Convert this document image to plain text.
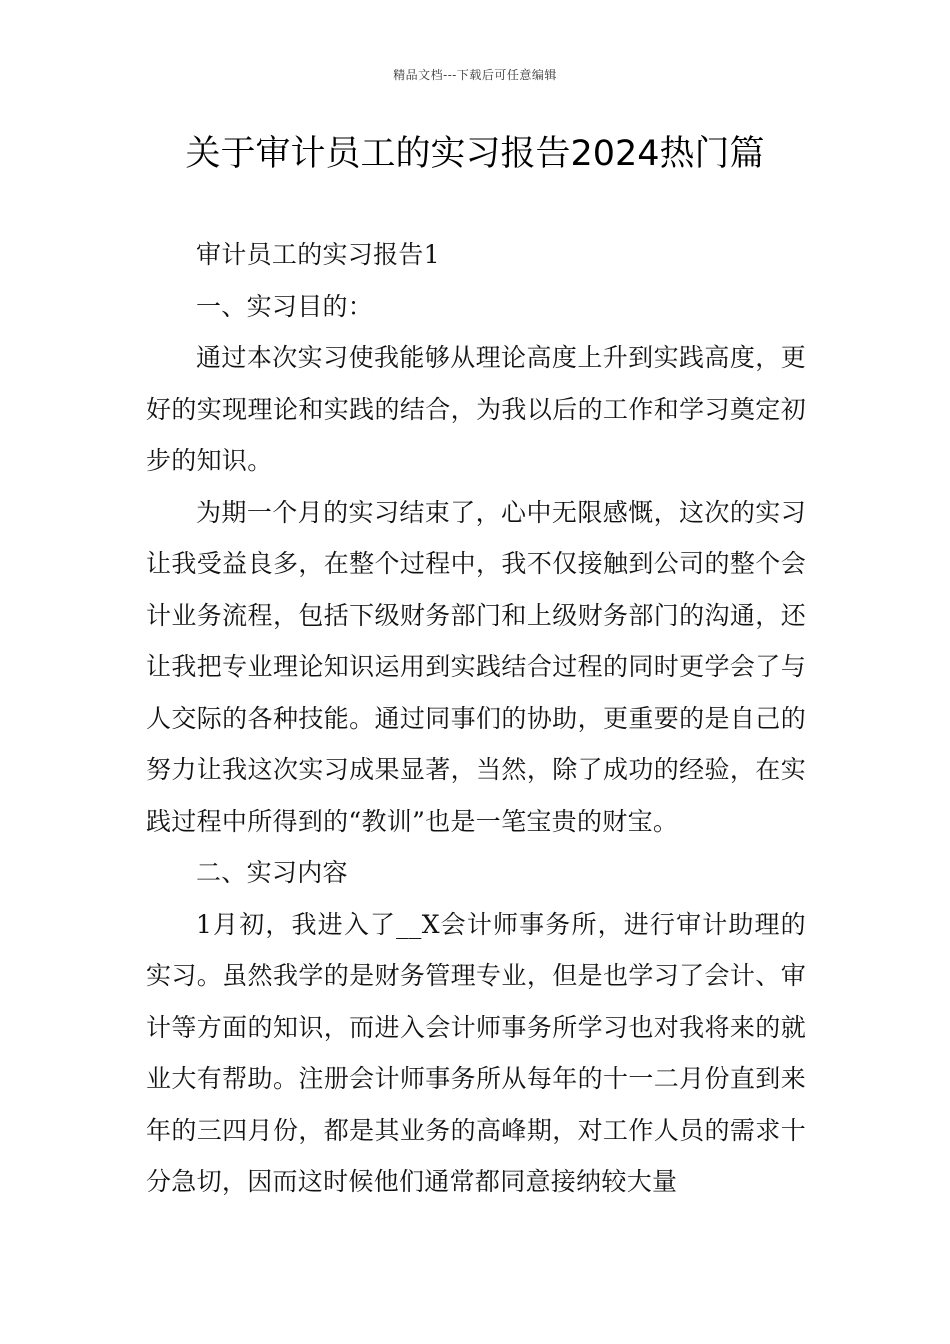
精品文档---下载后可任意编辑
关于审计员工的实习报告2024热门篇

审计员工的实习报告1

一、实习目的：

通过本次实习使我能够从理论高度上升到实践高度，更好的实现理论和实践的结合，为我以后的工作和学习奠定初步的知识。

为期一个月的实习结束了，心中无限感慨，这次的实习让我受益良多，在整个过程中，我不仅接触到公司的整个会计业务流程，包括下级财务部门和上级财务部门的沟通，还让我把专业理论知识运用到实践结合过程的同时更学会了与人交际的各种技能。通过同事们的协助，更重要的是自己的努力让我这次实习成果显著，当然，除了成功的经验，在实践过程中所得到的“教训”也是一笔宝贵的财宝。

二、实习内容

1月初，我进入了__X会计师事务所，进行审计助理的实习。虽然我学的是财务管理专业，但是也学习了会计、审计等方面的知识，而进入会计师事务所学习也对我将来的就业大有帮助。注册会计师事务所从每年的十一二月份直到来年的三四月份，都是其业务的高峰期，对工作人员的需求十分急切，因而这时候他们通常都同意接纳较大量
